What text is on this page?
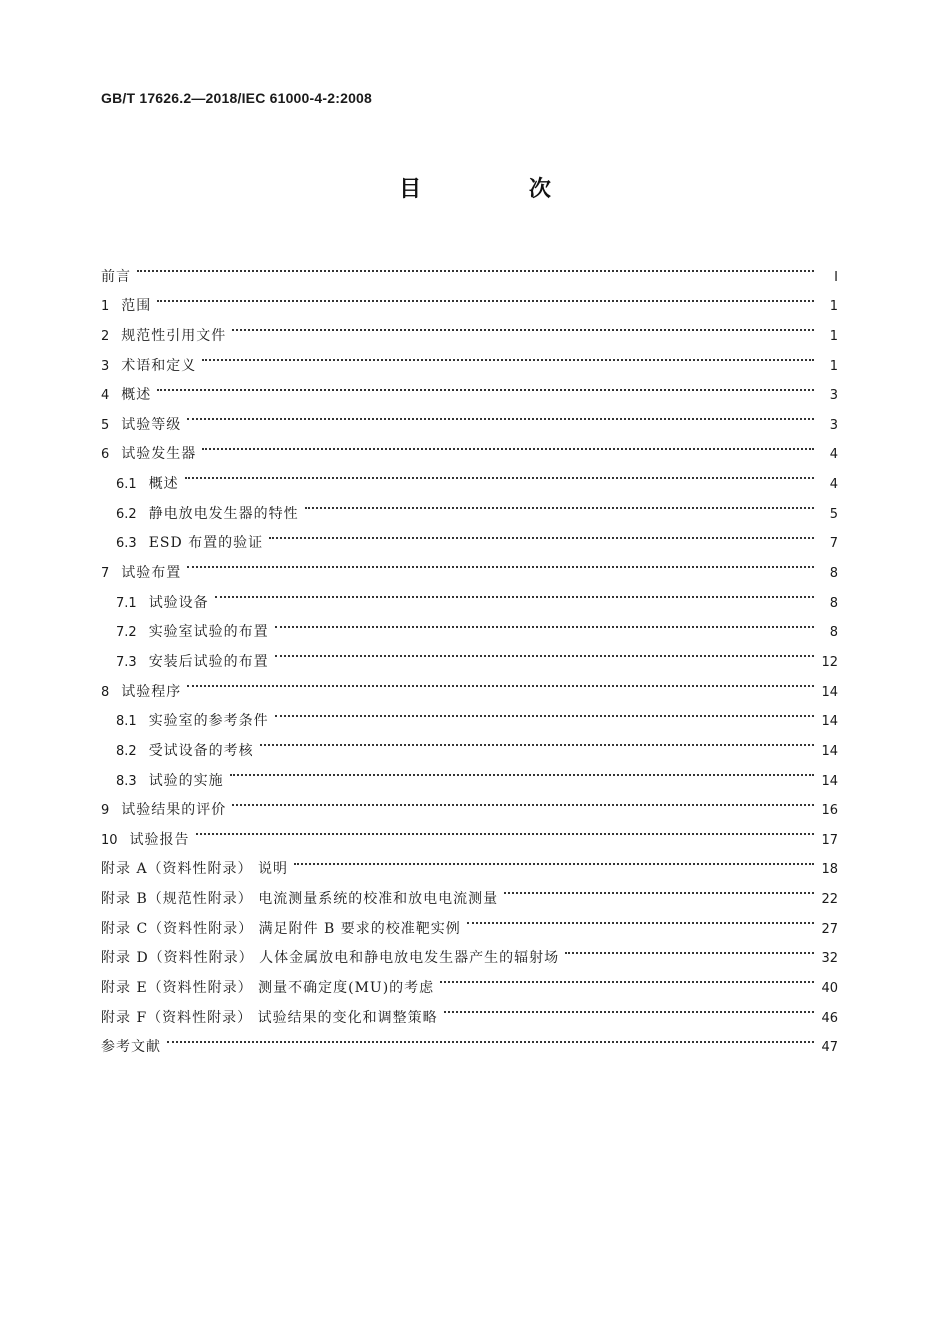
GB/T 17626.2—2018/IEC 61000-4-2:2008
目 次
前言	I
1 范围	1
2 规范性引用文件	1
3 术语和定义	1
4 概述	3
5 试验等级	3
6 试验发生器	4
6.1 概述	4
6.2 静电放电发生器的特性	5
6.3 ESD 布置的验证	7
7 试验布置	8
7.1 试验设备	8
7.2 实验室试验的布置	8
7.3 安装后试验的布置	12
8 试验程序	14
8.1 实验室的参考条件	14
8.2 受试设备的考核	14
8.3 试验的实施	14
9 试验结果的评价	16
10 试验报告	17
附录 A（资料性附录） 说明	18
附录 B（规范性附录） 电流测量系统的校准和放电电流测量	22
附录 C（资料性附录） 满足附件 B 要求的校准靶实例	27
附录 D（资料性附录） 人体金属放电和静电放电发生器产生的辐射场	32
附录 E（资料性附录） 测量不确定度(MU)的考虑	40
附录 F（资料性附录） 试验结果的变化和调整策略	46
参考文献	47
